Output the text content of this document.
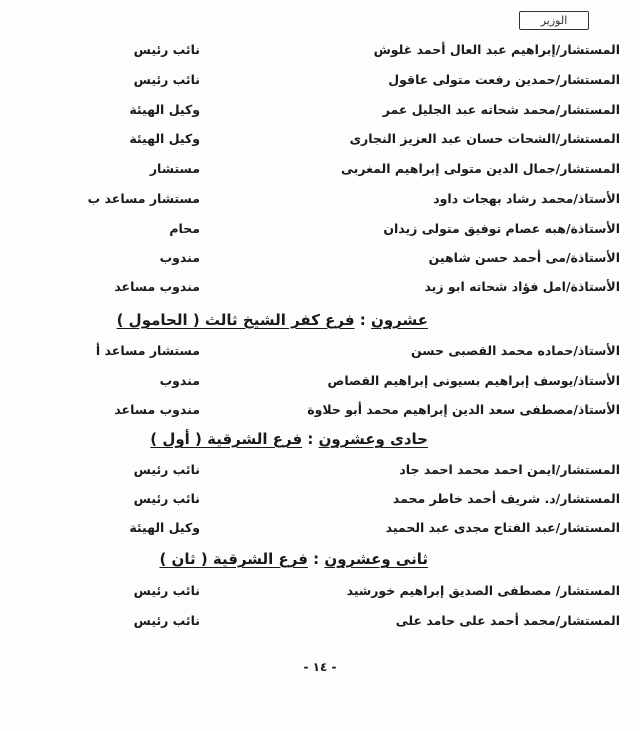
الوزير
المستشار/إبراهيم عبد العال أحمد غلوش
نائب رئيس
المستشار/حمدين رفعت متولى عاقول
نائب رئيس
المستشار/محمد شحاته عبد الجليل عمر
وكيل الهيئة
المستشار/الشحات حسان عبد العزيز النجارى
وكيل الهيئة
المستشار/جمال الدين متولى إبراهيم المغربى
مستشار
الأستاذ/محمد رشاد بهجات داود
مستشار مساعد ب
الأستاذة/هبه عصام توفيق متولى زيدان
محام
الأستاذة/مى أحمد حسن شاهين
مندوب
الأستاذة/امل فؤاد شحاته ابو زيد
مندوب مساعد
عشرون : فرع كفر الشيخ ثالث ( الحامول )
الأستاذ/حماده محمد القصبى حسن
مستشار مساعد أ
الأستاذ/يوسف إبراهيم بسيونى إبراهيم القصاص
مندوب
الأستاذ/مصطفى سعد الدين إبراهيم محمد أبو حلاوة
مندوب مساعد
حادى وعشرون : فرع الشرقية ( أول )
المستشار/ايمن احمد محمد احمد جاد
نائب رئيس
المستشار/د. شريف أحمد خاطر محمد
نائب رئيس
المستشار/عبد الفتاح مجدى عبد الحميد
وكيل الهيئة
ثانى وعشرون : فرع الشرقية ( ثان )
المستشار/ مصطفى الصديق إبراهيم خورشيد
نائب رئيس
المستشار/محمد أحمد على حامد على
نائب رئيس
- ١٤ -
